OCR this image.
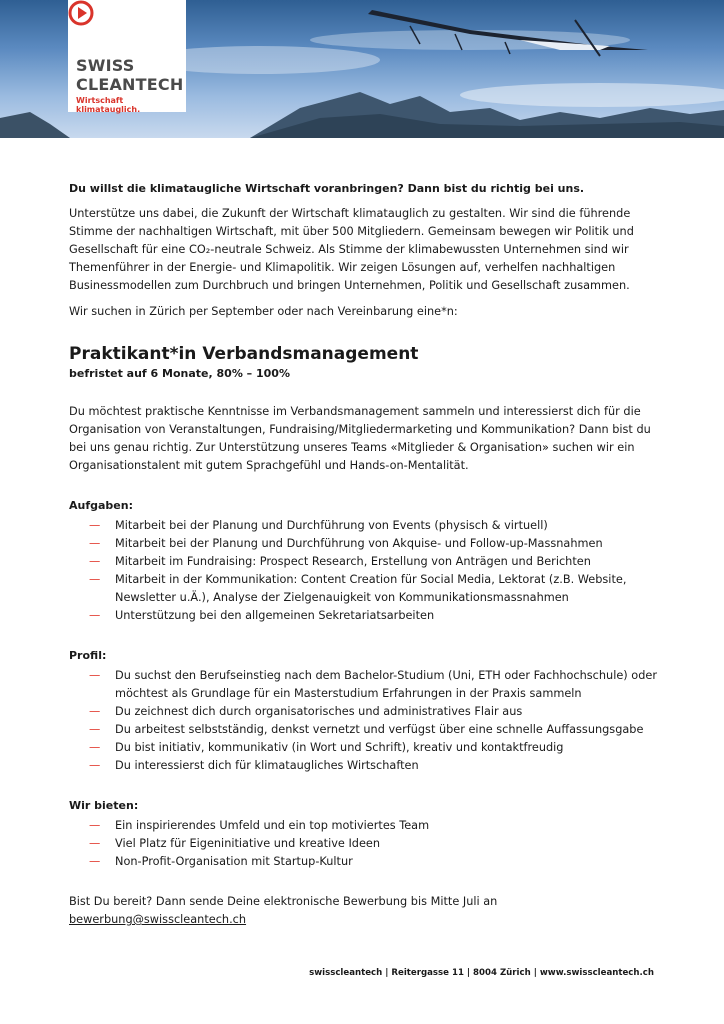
SWISS
CLEANTECH
Wirtschaft klimatauglich.

Du willst die klimataugliche Wirtschaft voranbringen? Dann bist du richtig bei uns.

Unterstütze uns dabei, die Zukunft der Wirtschaft klimatauglich zu gestalten. Wir sind die führende Stimme der nachhaltigen Wirtschaft, mit über 500 Mitgliedern. Gemeinsam bewegen wir Politik und Gesellschaft für eine CO₂-neutrale Schweiz. Als Stimme der klimabewussten Unternehmen sind wir Themenführer in der Energie- und Klimapolitik. Wir zeigen Lösungen auf, verhelfen nachhaltigen Businessmodellen zum Durchbruch und bringen Unternehmen, Politik und Gesellschaft zusammen.

Wir suchen in Zürich per September oder nach Vereinbarung eine*n:

Praktikant*in Verbandsmanagement
befristet auf 6 Monate, 80% – 100%

Du möchtest praktische Kenntnisse im Verbandsmanagement sammeln und interessierst dich für die Organisation von Veranstaltungen, Fundraising/Mitgliedermarketing und Kommunikation? Dann bist du bei uns genau richtig. Zur Unterstützung unseres Teams «Mitglieder & Organisation» suchen wir ein Organisationstalent mit gutem Sprachgefühl und Hands-on-Mentalität.

Aufgaben:
— Mitarbeit bei der Planung und Durchführung von Events (physisch & virtuell)
— Mitarbeit bei der Planung und Durchführung von Akquise- und Follow-up-Massnahmen
— Mitarbeit im Fundraising: Prospect Research, Erstellung von Anträgen und Berichten
— Mitarbeit in der Kommunikation: Content Creation für Social Media, Lektorat (z.B. Website, Newsletter u.Ä.), Analyse der Zielgenauigkeit von Kommunikationsmassnahmen
— Unterstützung bei den allgemeinen Sekretariatsarbeiten
Profil:
— Du suchst den Berufseinstieg nach dem Bachelor-Studium (Uni, ETH oder Fachhochschule) oder möchtest als Grundlage für ein Masterstudium Erfahrungen in der Praxis sammeln
— Du zeichnest dich durch organisatorisches und administratives Flair aus
— Du arbeitest selbstständig, denkst vernetzt und verfügst über eine schnelle Auffassungsgabe
— Du bist initiativ, kommunikativ (in Wort und Schrift), kreativ und kontaktfreudig
— Du interessierst dich für klimataugliches Wirtschaften
Wir bieten:
— Ein inspirierendes Umfeld und ein top motiviertes Team
— Viel Platz für Eigeninitiative und kreative Ideen
— Non-Profit-Organisation mit Startup-Kultur
Bist Du bereit? Dann sende Deine elektronische Bewerbung bis Mitte Juli an
bewerbung@swisscleantech.ch
swisscleantech | Reitergasse 11 | 8004 Zürich | www.swisscleantech.ch
